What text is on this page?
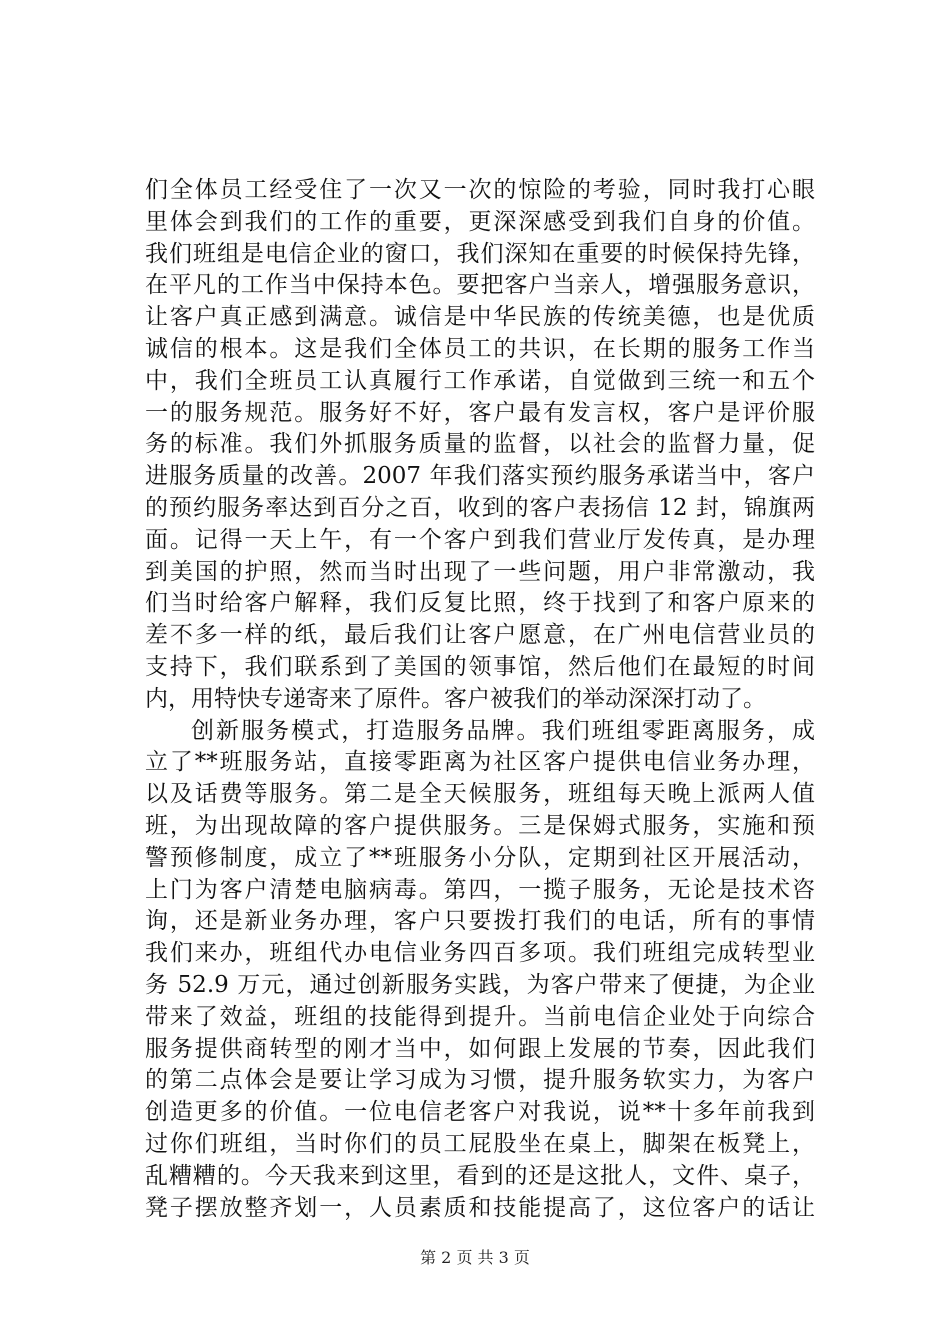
们全体员工经受住了一次又一次的惊险的考验，同时我打心眼
里体会到我们的工作的重要，更深深感受到我们自身的价值。
我们班组是电信企业的窗口，我们深知在重要的时候保持先锋，
在平凡的工作当中保持本色。要把客户当亲人，增强服务意识，
让客户真正感到满意。诚信是中华民族的传统美德，也是优质
诚信的根本。这是我们全体员工的共识，在长期的服务工作当
中，我们全班员工认真履行工作承诺，自觉做到三统一和五个
一的服务规范。服务好不好，客户最有发言权，客户是评价服
务的标准。我们外抓服务质量的监督，以社会的监督力量，促
进服务质量的改善。2007 年我们落实预约服务承诺当中，客户
的预约服务率达到百分之百，收到的客户表扬信 12 封，锦旗两
面。记得一天上午，有一个客户到我们营业厅发传真，是办理
到美国的护照，然而当时出现了一些问题，用户非常激动，我
们当时给客户解释，我们反复比照，终于找到了和客户原来的
差不多一样的纸，最后我们让客户愿意，在广州电信营业员的
支持下，我们联系到了美国的领事馆，然后他们在最短的时间
内，用特快专递寄来了原件。客户被我们的举动深深打动了。
创新服务模式，打造服务品牌。我们班组零距离服务，成
立了**班服务站，直接零距离为社区客户提供电信业务办理，
以及话费等服务。第二是全天候服务，班组每天晚上派两人值
班，为出现故障的客户提供服务。三是保姆式服务，实施和预
警预修制度，成立了**班服务小分队，定期到社区开展活动，
上门为客户清楚电脑病毒。第四，一揽子服务，无论是技术咨
询，还是新业务办理，客户只要拨打我们的电话，所有的事情
我们来办，班组代办电信业务四百多项。我们班组完成转型业
务 52.9 万元，通过创新服务实践，为客户带来了便捷，为企业
带来了效益，班组的技能得到提升。当前电信企业处于向综合
服务提供商转型的刚才当中，如何跟上发展的节奏，因此我们
的第二点体会是要让学习成为习惯，提升服务软实力，为客户
创造更多的价值。一位电信老客户对我说，说**十多年前我到
过你们班组，当时你们的员工屁股坐在桌上，脚架在板凳上，
乱糟糟的。今天我来到这里，看到的还是这批人，文件、桌子，
凳子摆放整齐划一，人员素质和技能提高了，这位客户的话让
第 2 页 共 3 页
